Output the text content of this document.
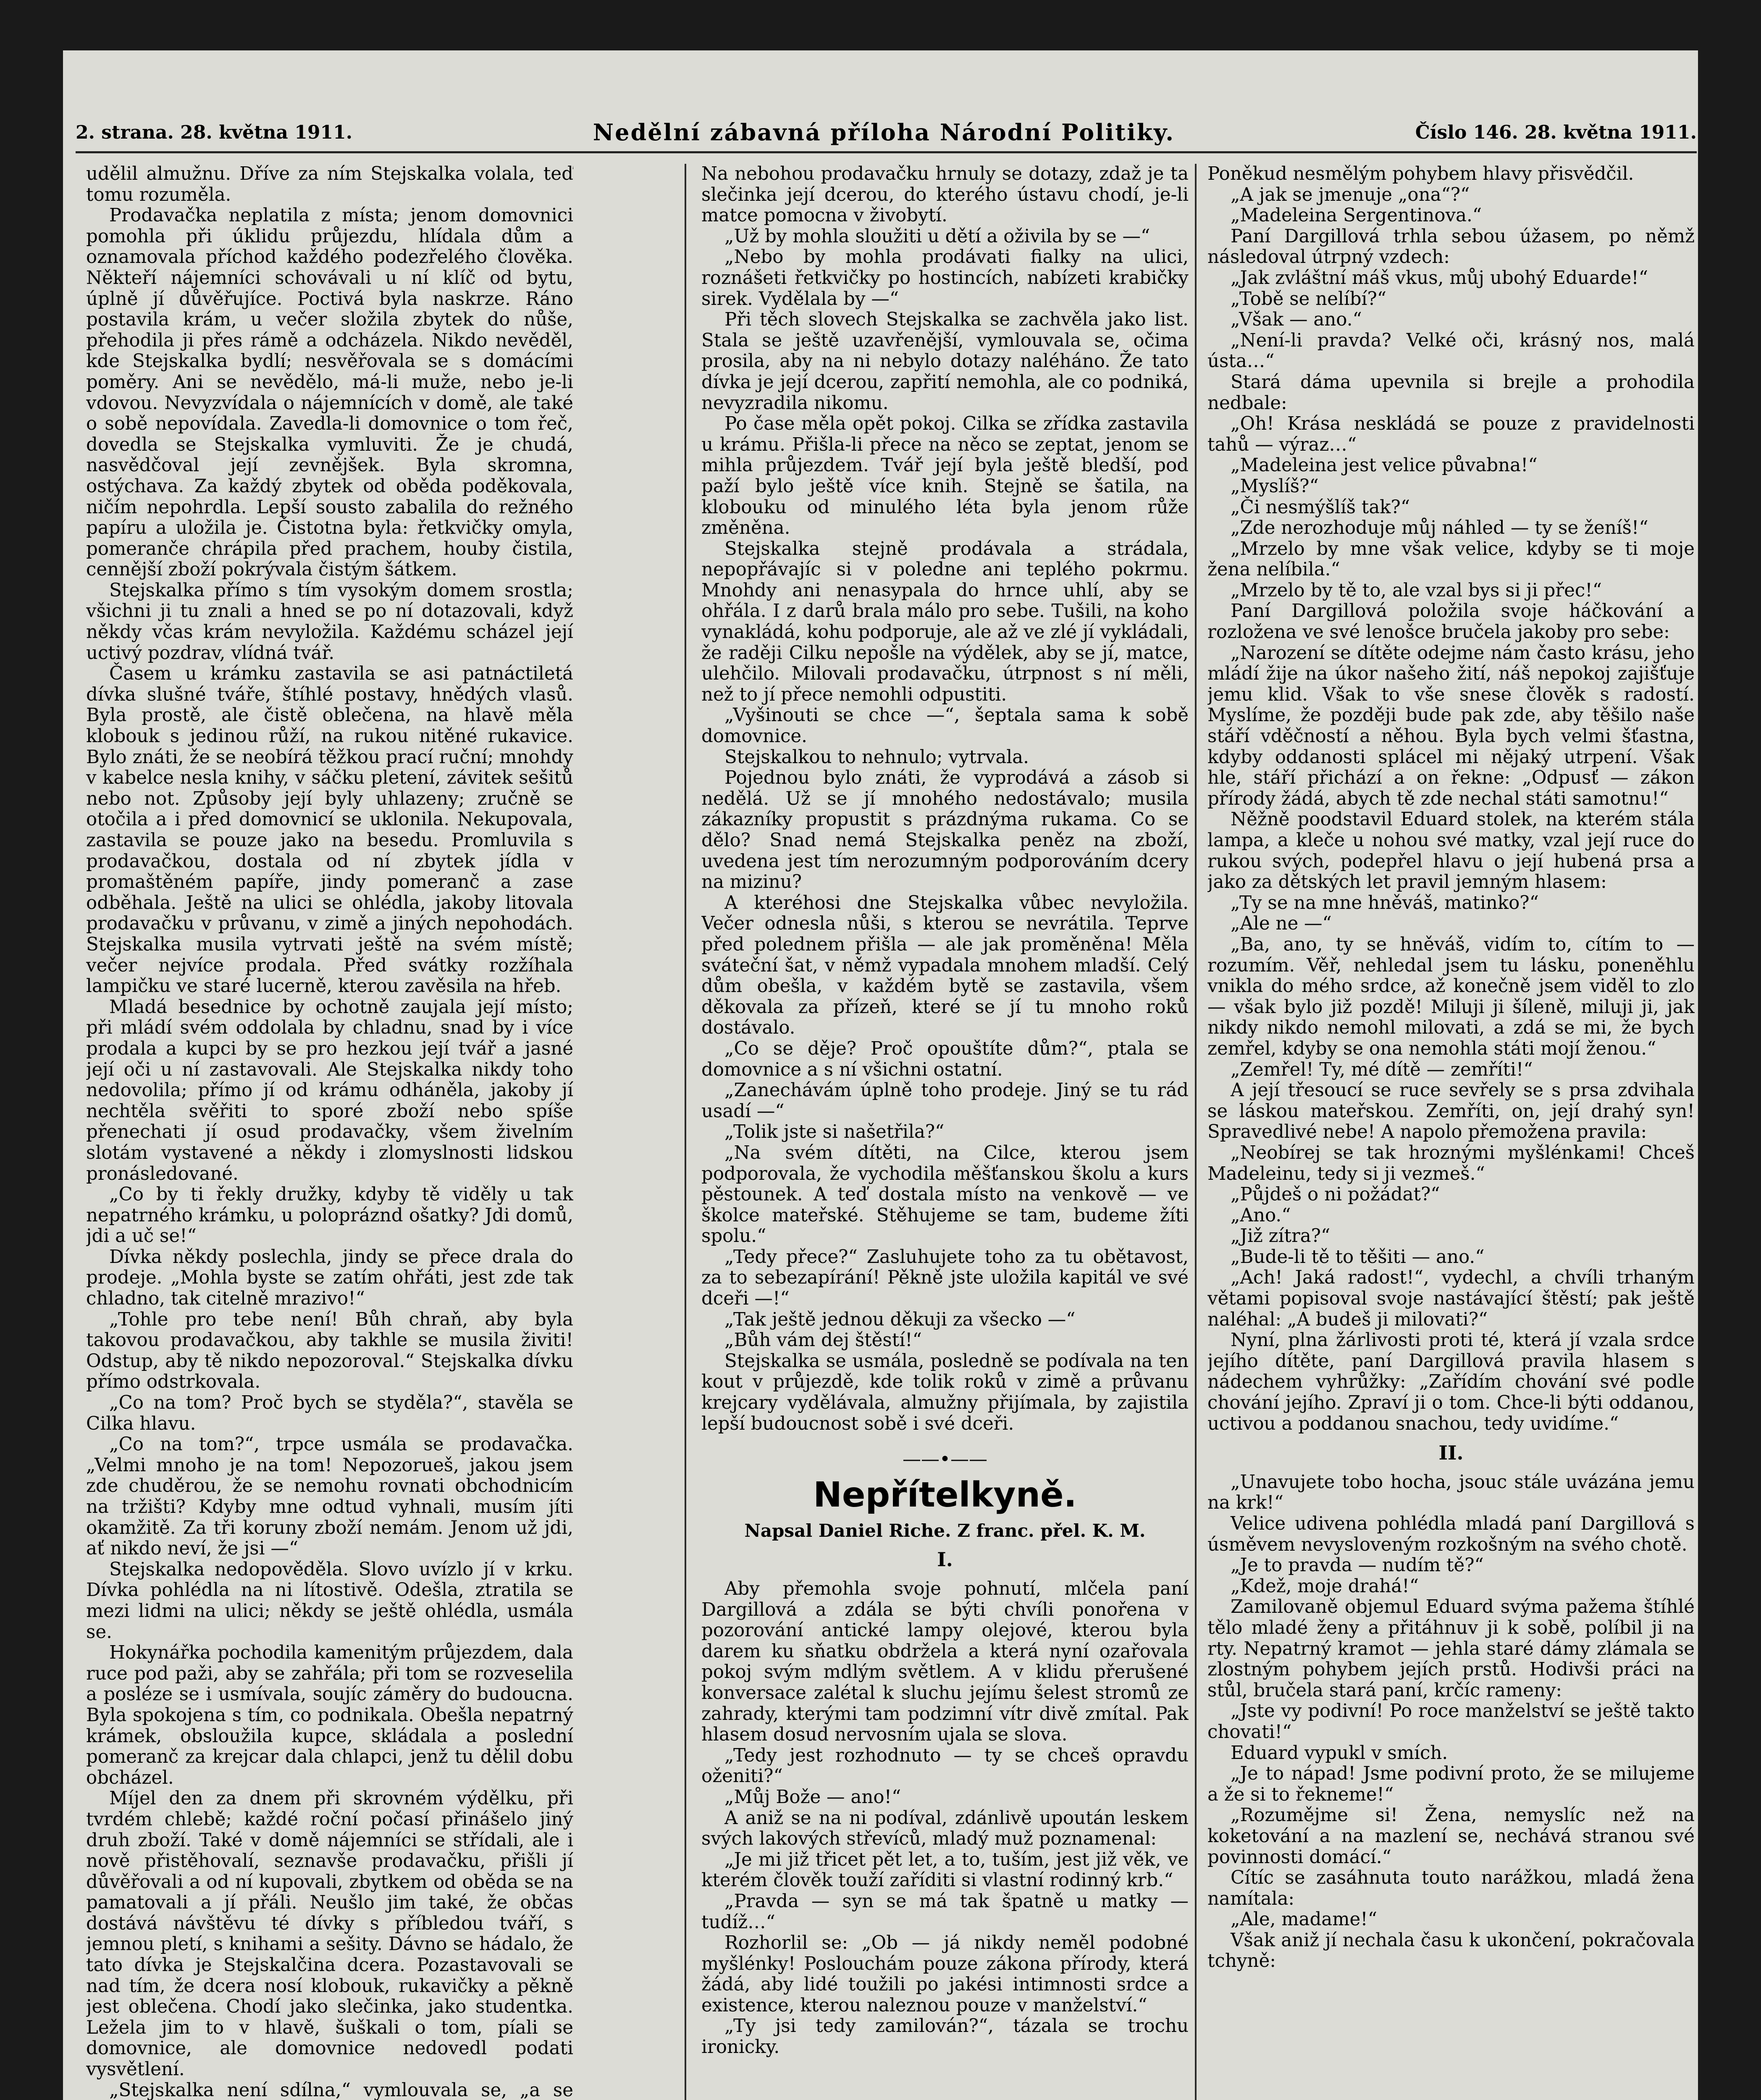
2. strana. 28. května 1911.	Nedělní zábavná příloha Národní Politiky.	Číslo 146. 28. května 1911.

udělil almužnu. Dříve za ním Stejskalka volala, teď tomu rozuměla.

Prodavačka neplatila z místa; jenom domovnici pomohla při úklidu průjezdu, hlídala dům a oznamovala příchod každého podezřelého člověka. Někteří nájemníci schovávali u ní klíč od bytu, úplně jí důvěřujíce. Poctivá byla naskrze. Ráno postavila krám, u večer složila zbytek do nůše, přehodila ji přes rámě a odcházela. Nikdo nevěděl, kde Stejskalka bydlí; nesvěřovala se s domácími poměry. Ani se nevědělo, má-li muže, nebo je-li vdovou. Nevyzvídala o nájemnících v domě, ale také o sobě nepovídala. Zavedla-li domovnice o tom řeč, dovedla se Stejskalka vymluviti. Že je chudá, nasvědčoval její zevnějšek. Byla skromna, ostýchava. Za každý zbytek od oběda poděkovala, ničím nepohrdla. Lepší sousto zabalila do režného papíru a uložila je. Čistotna byla: řetkvičky omyla, pomeranče chrápila před prachem, houby čistila, cennější zboží pokrývala čistým šátkem.

Stejskalka přímo s tím vysokým domem srostla; všichni ji tu znali a hned se po ní dotazovali, když někdy včas krám nevyložila. Každému scházel její uctivý pozdrav, vlídná tvář.

Časem u krámku zastavila se asi patnáctiletá dívka slušné tváře, štíhlé postavy, hnědých vlasů. Byla prostě, ale čistě oblečena, na hlavě měla klobouk s jedinou růží, na rukou nitěné rukavice. Bylo znáti, že se neobírá těžkou prací ruční; mnohdy v kabelce nesla knihy, v sáčku pletení, závitek sešitů nebo not. Způsoby její byly uhlazeny; zručně se otočila a i před domovnicí se uklonila. Nekupovala, zastavila se pouze jako na besedu. Promluvila s prodavačkou, dostala od ní zbytek jídla v promaštěném papíře, jindy pomeranč a zase odběhala. Ještě na ulici se ohlédla, jakoby litovala prodavačku v průvanu, v zimě a jiných nepohodách. Stejskalka musila vytrvati ještě na svém místě; večer nejvíce prodala. Před svátky rozžíhala lampičku ve staré lucerně, kterou zavěsila na hřeb.

Mladá besednice by ochotně zaujala její místo; při mládí svém oddolala by chladnu, snad by i více prodala a kupci by se pro hezkou její tvář a jasné její oči u ní zastavovali. Ale Stejskalka nikdy toho nedovolila; přímo jí od krámu odháněla, jakoby jí nechtěla svěřiti to sporé zboží nebo spíše přenechati jí osud prodavačky, všem živelním slotám vystavené a někdy i zlomyslnosti lidskou pronásledované.

„Co by ti řekly družky, kdyby tě viděly u tak nepatrného krámku, u polopráznd ošatky? Jdi domů, jdi a uč se!“

Dívka někdy poslechla, jindy se přece drala do prodeje. „Mohla byste se zatím ohřáti, jest zde tak chladno, tak citelně mrazivo!“

„Tohle pro tebe není! Bůh chraň, aby byla takovou prodavačkou, aby takhle se musila živiti! Odstup, aby tě nikdo nepozoroval.“ Stejskalka dívku přímo odstrkovala.

„Co na tom? Proč bych se styděla?“, stavěla se Cilka hlavu.

„Co na tom?“, trpce usmála se prodavačka. „Velmi mnoho je na tom! Nepozorueš, jakou jsem zde chuděrou, že se nemohu rovnati obchodnicím na tržišti? Kdyby mne odtud vyhnali, musím jíti okamžitě. Za tři koruny zboží nemám. Jenom už jdi, ať nikdo neví, že jsi —“

Stejskalka nedopověděla. Slovo uvízlo jí v krku. Dívka pohlédla na ni lítostivě. Odešla, ztratila se mezi lidmi na ulici; někdy se ještě ohlédla, usmála se.

Hokynářka pochodila kamenitým průjezdem, dala ruce pod paži, aby se zahřála; při tom se rozveselila a posléze se i usmívala, soujíc záměry do budoucna. Byla spokojena s tím, co podnikala. Obešla nepatrný krámek, obsloužila kupce, skládala a poslední pomeranč za krejcar dala chlapci, jenž tu dělil dobu obcházel.

Míjel den za dnem při skrovném výdělku, při tvrdém chlebě; každé roční počasí přinášelo jiný druh zboží. Také v domě nájemníci se střídali, ale i nově přistěhovalí, seznavše prodavačku, přišli jí důvěřovali a od ní kupovali, zbytkem od oběda se na pamatovali a jí přáli. Neušlo jim také, že občas dostává návštěvu té dívky s příbledou tváří, s jemnou pletí, s knihami a sešity. Dávno se hádalo, že tato dívka je Stejskalčina dcera. Pozastavovali se nad tím, že dcera nosí klobouk, rukavičky a pěkně jest oblečena. Chodí jako slečinka, jako studentka. Ležela jim to v hlavě, šuškali o tom, píali se domovnice, ale domovnice nedovedl podati vysvětlení.

„Stejskalka není sdílna,“ vymlouvala se, „a se

Na nebohou prodavačku hrnuly se dotazy, zdaž je ta slečinka její dcerou, do kterého ústavu chodí, je-li matce pomocna v živobytí.

„Už by mohla sloužiti u dětí a oživila by se —“

„Nebo by mohla prodávati fialky na ulici, roznášeti řetkvičky po hostincích, nabízeti krabičky sirek. Vydělala by —“

Při těch slovech Stejskalka se zachvěla jako list. Stala se ještě uzavřenější, vymlouvala se, očima prosila, aby na ni nebylo dotazy naléháno. Že tato dívka je její dcerou, zapřití nemohla, ale co podniká, nevyzradila nikomu.

Po čase měla opět pokoj. Cilka se zřídka zastavila u krámu. Přišla-li přece na něco se zeptat, jenom se mihla průjezdem. Tvář její byla ještě bledší, pod paží bylo ještě více knih. Stejně se šatila, na klobouku od minulého léta byla jenom růže změněna.

Stejskalka stejně prodávala a strádala, nepopřávajíc si v poledne ani teplého pokrmu. Mnohdy ani nenasypala do hrnce uhlí, aby se ohřála. I z darů brala málo pro sebe. Tušili, na koho vynakládá, kohu podporuje, ale až ve zlé jí vykládali, že raději Cilku nepošle na výdělek, aby se jí, matce, ulehčilo. Milovali prodavačku, útrpnost s ní měli, než to jí přece nemohli odpustiti.

„Vyšinouti se chce —“, šeptala sama k sobě domovnice.

Stejskalkou to nehnulo; vytrvala.

Pojednou bylo znáti, že vyprodává a zásob si nedělá. Už se jí mnohého nedostávalo; musila zákazníky propustit s prázdnýma rukama. Co se dělo? Snad nemá Stejskalka peněz na zboží, uvedena jest tím nerozumným podporováním dcery na mizinu?

A kteréhosi dne Stejskalka vůbec nevyložila. Večer odnesla nůši, s kterou se nevrátila. Teprve před polednem přišla — ale jak proměněna! Měla sváteční šat, v němž vypadala mnohem mladší. Celý dům obešla, v každém bytě se zastavila, všem děkovala za přízeň, které se jí tu mnoho roků dostávalo.

„Co se děje? Proč opouštíte dům?“, ptala se domovnice a s ní všichni ostatní.

„Zanechávám úplně toho prodeje. Jiný se tu rád usadí —“

„Tolik jste si našetřila?“

„Na svém dítěti, na Cilce, kterou jsem podporovala, že vychodila měšťanskou školu a kurs pěstounek. A teď dostala místo na venkově — ve školce mateřské. Stěhujeme se tam, budeme žíti spolu.“

„Tedy přece?“ Zasluhujete toho za tu obětavost, za to sebezapírání! Pěkně jste uložila kapitál ve své dceři —!“

„Tak ještě jednou děkuji za všecko —“

„Bůh vám dej štěstí!“

Stejskalka se usmála, posledně se podívala na ten kout v průjezdě, kde tolik roků v zimě a průvanu krejcary vydělávala, almužny přijímala, by zajistila lepší budoucnost sobě i své dceři.

——•——
Nepřítelkyně.
Napsal Daniel Riche. Z franc. přel. K. M.
I.

Aby přemohla svoje pohnutí, mlčela paní Dargillová a zdála se býti chvíli ponořena v pozorování antické lampy olejové, kterou byla darem ku sňatku obdržela a která nyní ozařovala pokoj svým mdlým světlem. A v klidu přerušené konversace zalétal k sluchu jejímu šelest stromů ze zahrady, kterými tam podzimní vítr divě zmítal. Pak hlasem dosud nervosním ujala se slova.

„Tedy jest rozhodnuto — ty se chceš opravdu oženiti?“

„Můj Bože — ano!“

A aniž se na ni podíval, zdánlivě upoután leskem svých lakových střevíců, mladý muž poznamenal:

„Je mi již třicet pět let, a to, tuším, jest již věk, ve kterém člověk touží zaříditi si vlastní rodinný krb.“

„Pravda — syn se má tak špatně u matky — tudíž…“

Rozhorlil se: „Ob — já nikdy neměl podobné myšlénky! Poslouchám pouze zákona přírody, která žádá, aby lidé toužili po jakési intimnosti srdce a existence, kterou naleznou pouze v manželství.“

„Ty jsi tedy zamilován?“, tázala se trochu ironicky.

Poněkud nesmělým pohybem hlavy přisvědčil.

„A jak se jmenuje „ona“?“

„Madeleina Sergentinova.“

Paní Dargillová trhla sebou úžasem, po němž následoval útrpný vzdech:

„Jak zvláštní máš vkus, můj ubohý Eduarde!“

„Tobě se nelíbí?“

„Však — ano.“

„Není-li pravda? Velké oči, krásný nos, malá ústa…“

Stará dáma upevnila si brejle a prohodila nedbale:

„Oh! Krása neskládá se pouze z pravidelnosti tahů — výraz…“

„Madeleina jest velice půvabna!“

„Myslíš?“

„Či nesmýšlíš tak?“

„Zde nerozhoduje můj náhled — ty se ženíš!“

„Mrzelo by mne však velice, kdyby se ti moje žena nelíbila.“

„Mrzelo by tě to, ale vzal bys si ji přec!“

Paní Dargillová položila svoje háčkování a rozložena ve své lenošce bručela jakoby pro sebe:

„Narození se dítěte odejme nám často krásu, jeho mládí žije na úkor našeho žití, náš nepokoj zajišťuje jemu klid. Však to vše snese člověk s radostí. Myslíme, že později bude pak zde, aby těšilo naše stáří vděčností a něhou. Byla bych velmi šťastna, kdyby oddanosti splácel mi nějaký utrpení. Však hle, stáří přichází a on řekne: „Odpusť — zákon přírody žádá, abych tě zde nechal státi samotnu!“

Něžně poodstavil Eduard stolek, na kterém stála lampa, a kleče u nohou své matky, vzal její ruce do rukou svých, podepřel hlavu o její hubená prsa a jako za dětských let pravil jemným hlasem:

„Ty se na mne hněváš, matinko?“

„Ale ne —“

„Ba, ano, ty se hněváš, vidím to, cítím to — rozumím. Věř, nehledal jsem tu lásku, poneněhlu vnikla do mého srdce, až konečně jsem viděl to zlo — však bylo již pozdě! Miluji ji šíleně, miluji ji, jak nikdy nikdo nemohl milovati, a zdá se mi, že bych zemřel, kdyby se ona nemohla státi mojí ženou.“

„Zemřel! Ty, mé dítě — zemříti!“

A její třesoucí se ruce sevřely se s prsa zdvihala se láskou mateřskou. Zemříti, on, její drahý syn! Spravedlivé nebe! A napolo přemožena pravila:

„Neobírej se tak hroznými myšlénkami! Chceš Madeleinu, tedy si ji vezmeš.“

„Půjdeš o ni požádat?“

„Ano.“

„Již zítra?“

„Bude-li tě to těšiti — ano.“

„Ach! Jaká radost!“, vydechl, a chvíli trhaným větami popisoval svoje nastávající štěstí; pak ještě naléhal: „A budeš ji milovati?“

Nyní, plna žárlivosti proti té, která jí vzala srdce jejího dítěte, paní Dargillová pravila hlasem s nádechem vyhrůžky: „Zařídím chování své podle chování jejího. Zpraví ji o tom. Chce-li býti oddanou, uctivou a poddanou snachou, tedy uvidíme.“

II.

„Unavujete tobo hocha, jsouc stále uvázána jemu na krk!“

Velice udivena pohlédla mladá paní Dargillová s úsměvem nevysloveným rozkošným na svého chotě.

„Je to pravda — nudím tě?“

„Kdež, moje drahá!“

Zamilovaně objemul Eduard svýma pažema štíhlé tělo mladé ženy a přitáhnuv ji k sobě, políbil ji na rty. Nepatrný kramot — jehla staré dámy zlámala se zlostným pohybem jejích prstů. Hodivši práci na stůl, bručela stará paní, krčíc rameny:

„Jste vy podivní! Po roce manželství se ještě takto chovati!“

Eduard vypukl v smích.

„Je to nápad! Jsme podivní proto, že se milujeme a že si to řekneme!“

„Rozumějme si! Žena, nemyslíc než na koketování a na mazlení se, nechává stranou své povinnosti domácí.“

Cítíc se zasáhnuta touto narážkou, mladá žena namítala:

„Ale, madame!“

Však aniž jí nechala času k ukončení, pokračovala tchyně:
